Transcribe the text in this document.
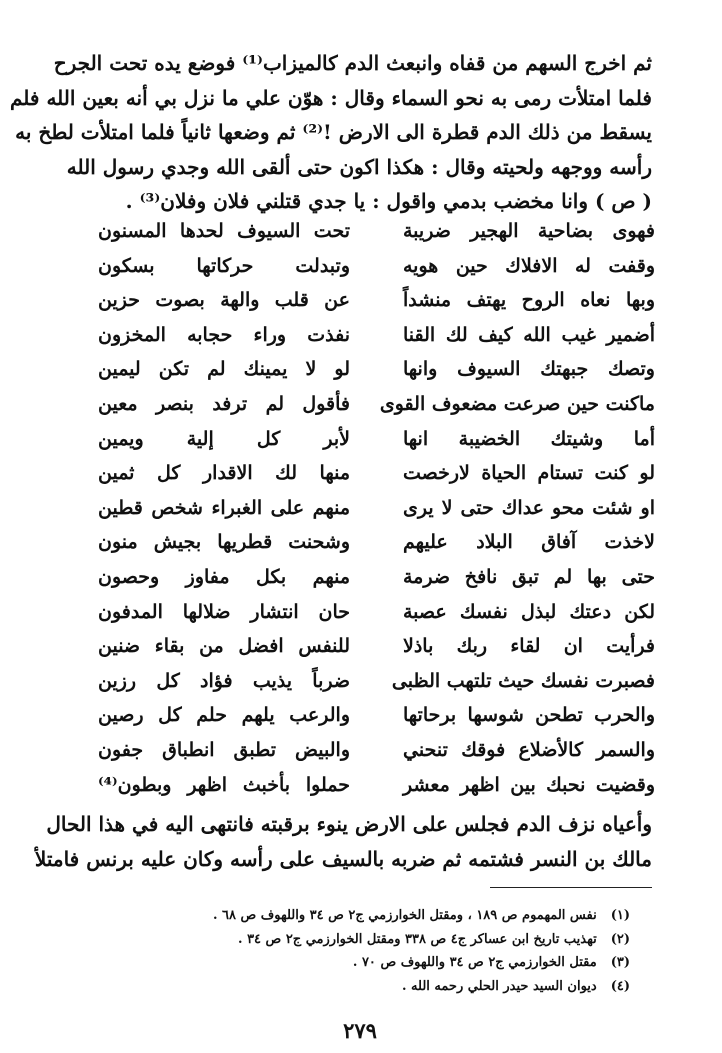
ثم اخرج السهم من قفاه وانبعث الدم كالميزاب⁽¹⁾ فوضع يده تحت الجرح
فلما امتلأت رمى به نحو السماء وقال : هوّن علي ما نزل بي أنه بعين الله فلم
يسقط من ذلك الدم قطرة الى الارض !⁽²⁾ ثم وضعها ثانياً فلما امتلأت لطخ به
رأسه ووجهه ولحيته وقال : هكذا اكون حتى ألقى الله وجدي رسول الله
( ص ) وانا مخضب بدمي واقول : يا جدي قتلني فلان وفلان⁽³⁾ .
فهوى بضاحية الهجير ضريبة
تحت السيوف لحدها المسنون
وقفت له الافلاك حين هويه
وتبدلت حركاتها بسكون
وبها نعاه الروح يهتف منشداً
عن قلب والهة بصوت حزين
أضمير غيب الله كيف لك القنا
نفذت وراء حجابه المخزون
وتصك جبهتك السيوف وانها
لو لا يمينك لم تكن ليمين
ماكنت حين صرعت مضعوف القوى
فأقول لم ترفد بنصر معين
أما وشيتك الخضيبة انها
لأبر كل إلية ويمين
لو كنت تستام الحياة لارخصت
منها لك الاقدار كل ثمين
او شئت محو عداك حتى لا يرى
منهم على الغبراء شخص قطين
لاخذت آفاق البلاد عليهم
وشحنت قطريها بجيش منون
حتى بها لم تبق نافخ ضرمة
منهم بكل مفاوز وحصون
لكن دعتك لبذل نفسك عصبة
حان انتشار ضلالها المدفون
فرأيت ان لقاء ربك باذلا
للنفس افضل من بقاء ضنين
فصبرت نفسك حيث تلتهب الظبى
ضرباً يذيب فؤاد كل رزين
والحرب تطحن شوسها برحاتها
والرعب يلهم حلم كل رصين
والسمر كالأضلاع فوقك تنحني
والبيض تطبق انطباق جفون
وقضيت نحبك بين اظهر معشر
حملوا بأخبث اظهر وبطون⁽⁴⁾
وأعياه نزف الدم فجلس على الارض ينوء برقبته فانتهى اليه في هذا الحال
مالك بن النسر فشتمه ثم ضربه بالسيف على رأسه وكان عليه برنس فامتلأ
(١)نفس المهموم ص ١٨٩ ، ومقتل الخوارزمي ج٢ ص ٣٤ واللهوف ص ٦٨ .
(٢)تهذيب تاريخ ابن عساكر ج٤ ص ٣٣٨ ومقتل الخوارزمي ج٢ ص ٣٤ .
(٣)مقتل الخوارزمي ج٢ ص ٣٤ واللهوف ص ٧٠ .
(٤)ديوان السيد حيدر الحلي رحمه الله .
٢٧٩
